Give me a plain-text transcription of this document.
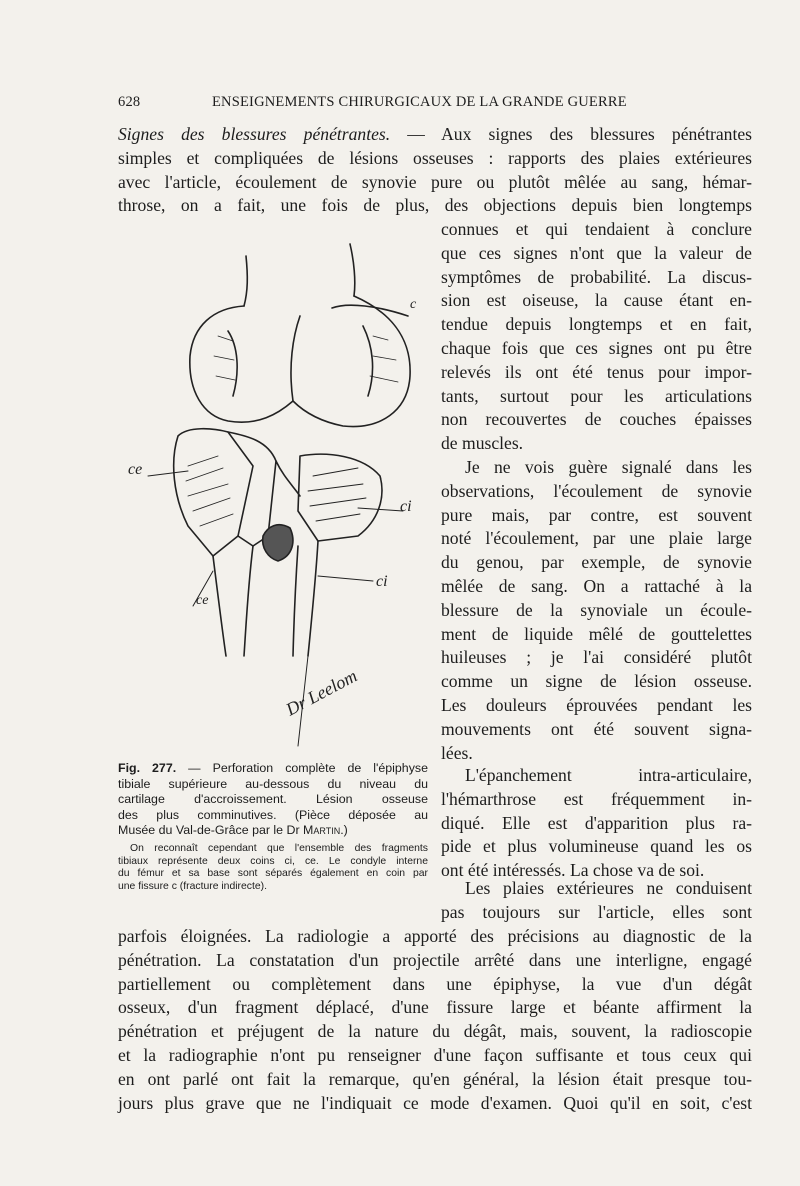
628	ENSEIGNEMENTS CHIRURGICAUX DE LA GRANDE GUERRE
Signes des blessures pénétrantes. — Aux signes des blessures pénétrantes
simples et compliquées de lésions osseuses : rapports des plaies extérieures
avec l'article, écoulement de synovie pure ou plutôt mêlée au sang, hémar-
throse, on a fait, une fois de plus, des objections depuis bien longtemps
connues et qui tendaient à conclure
que ces signes n'ont que la valeur de
symptômes de probabilité. La discus-
sion est oiseuse, la cause étant en-
tendue depuis longtemps et en fait,
chaque fois que ces signes ont pu être
relevés ils ont été tenus pour impor-
tants, surtout pour les articulations
non recouvertes de couches épaisses
de muscles.
Je ne vois guère signalé dans les
observations, l'écoulement de synovie
pure mais, par contre, est souvent
noté l'écoulement, par une plaie large
du genou, par exemple, de synovie
mêlée de sang. On a rattaché à la
blessure de la synoviale un écoule-
ment de liquide mêlé de gouttelettes
huileuses ; je l'ai considéré plutôt
comme un signe de lésion osseuse.
Les douleurs éprouvées pendant les
mouvements ont été souvent signa-
lées.
L'épanchement intra-articulaire,
l'hémarthrose est fréquemment in-
diqué. Elle est d'apparition plus ra-
pide et plus volumineuse quand les os
ont été intéressés. La chose va de soi.
Les plaies extérieures ne conduisent
pas toujours sur l'article, elles sont
parfois éloignées. La radiologie a apporté des précisions au diagnostic de la
pénétration. La constatation d'un projectile arrêté dans une interligne, engagé
partiellement ou complètement dans une épiphyse, la vue d'un dégât
osseux, d'un fragment déplacé, d'une fissure large et béante affirment la
pénétration et préjugent de la nature du dégât, mais, souvent, la radioscopie
et la radiographie n'ont pu renseigner d'une façon suffisante et tous ceux qui
en ont parlé ont fait la remarque, qu'en général, la lésion était presque tou-
jours plus grave que ne l'indiquait ce mode d'examen. Quoi qu'il en soit, c'est
c
ce
ci
ce
ci
Dr Leelom
Fig. 277. — Perforation complète de l'épiphyse
tibiale supérieure au-dessous du niveau du
cartilage d'accroissement. Lésion osseuse
des plus comminutives. (Pièce déposée au
Musée du Val-de-Grâce par le Dr Martin.)
On reconnaît cependant que l'ensemble des fragments
tibiaux représente deux coins ci, ce. Le condyle interne
du fémur et sa base sont séparés également en coin par
une fissure c (fracture indirecte).
